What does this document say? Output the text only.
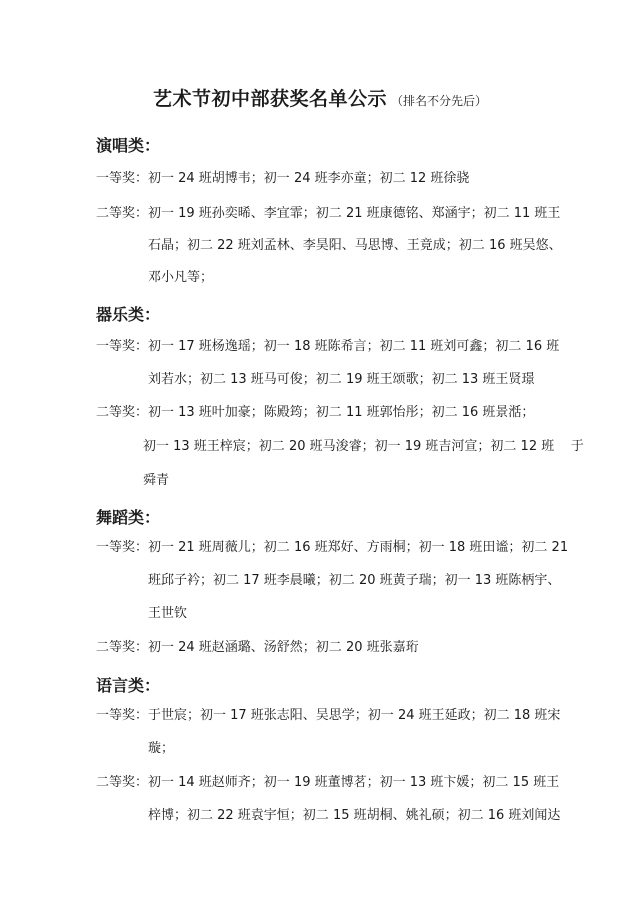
艺术节初中部获奖名单公示 （排名不分先后）
演唱类：
一等奖：初一 24 班胡博韦；初一 24 班李亦童；初二 12 班徐骁
二等奖：初一 19 班孙奕晞、李宜霏；初二 21 班康德铭、郑涵宇；初二 11 班王
石晶；初二 22 班刘孟林、李昊阳、马思博、王竟成；初二 16 班吴悠、
邓小凡等；
器乐类：
一等奖：初一 17 班杨逸瑶；初一 18 班陈希言；初二 11 班刘可鑫；初二 16 班
刘若水；初二 13 班马可俊；初二 19 班王颂歌；初二 13 班王贤璟
二等奖：初一 13 班叶加豪；陈殿筠；初二 11 班郭怡彤；初二 16 班景湉；
初一 13 班王梓宸；初二 20 班马浚睿；初一 19 班吉河宣；初二 12 班    于
舜青
舞蹈类：
一等奖：初一 21 班周薇儿；初二 16 班郑好、方雨桐；初一 18 班田谧；初二 21
班邱子衿；初二 17 班李晨曦；初二 20 班黄子瑞；初一 13 班陈柄宇、
王世钦
二等奖：初一 24 班赵涵璐、汤舒然；初二 20 班张嘉珩
语言类：
一等奖：于世宸；初一 17 班张志阳、吴思学；初一 24 班王延政；初二 18 班宋
璇；
二等奖：初一 14 班赵师齐；初一 19 班董博茗；初一 13 班卞媛；初二 15 班王
梓博；初二 22 班袁宇恒；初二 15 班胡桐、姚礼硕；初二 16 班刘闻达
